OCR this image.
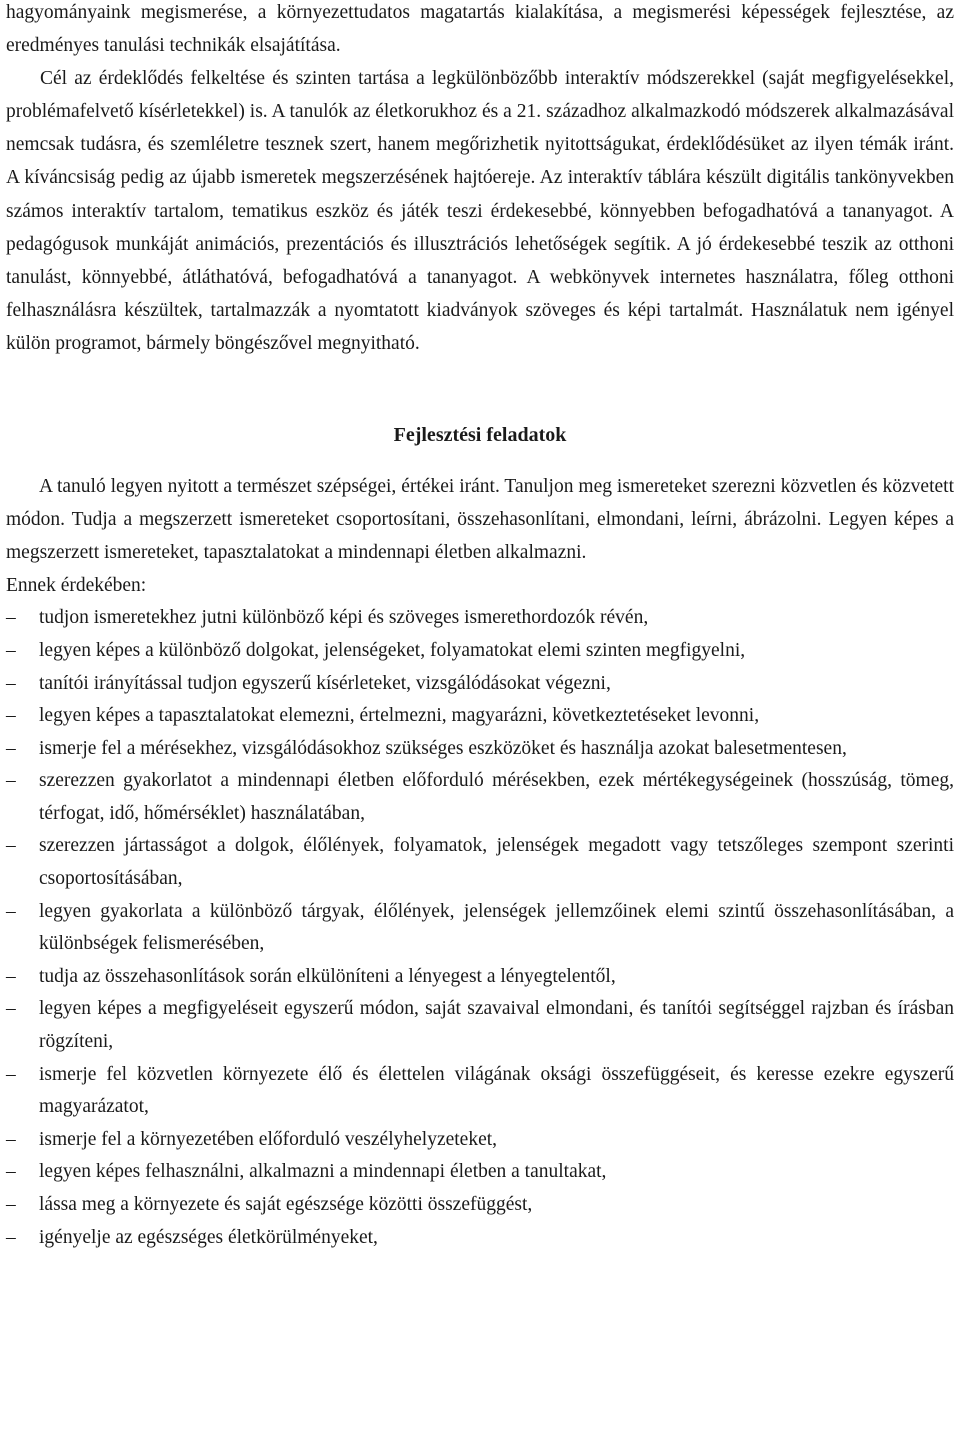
hagyományaink megismerése, a környezettudatos magatartás kialakítása, a megismerési képességek fejlesztése, az eredményes tanulási technikák elsajátítása.

Cél az érdeklődés felkeltése és szinten tartása a legkülönbözőbb interaktív módszerekkel (saját megfigyelésekkel, problémafelvető kísérletekkel) is. A tanulók az életkorukhoz és a 21. századhoz alkalmazkodó módszerek alkalmazásával nemcsak tudásra, és szemléletre tesznek szert, hanem megőrizhetik nyitottságukat, érdeklődésüket az ilyen témák iránt. A kíváncsiság pedig az újabb ismeretek megszerzésének hajtóereje. Az interaktív táblára készült digitális tankönyvekben számos interaktív tartalom, tematikus eszköz és játék teszi érdekesebbé, könnyebben befogadhatóvá a tananyagot. A pedagógusok munkáját animációs, prezentációs és illusztrációs lehetőségek segítik. A jó érdekesebbé teszik az otthoni tanulást, könnyebbé, átláthatóvá, befogadhatóvá a tananyagot. A webkönyvek internetes használatra, főleg otthoni felhasználásra készültek, tartalmazzák a nyomtatott kiadványok szöveges és képi tartalmát. Használatuk nem igényel külön programot, bármely böngészővel megnyitható.

Fejlesztési feladatok

A tanuló legyen nyitott a természet szépségei, értékei iránt. Tanuljon meg ismereteket szerezni közvetlen és közvetett módon. Tudja a megszerzett ismereteket csoportosítani, összehasonlítani, elmondani, leírni, ábrázolni. Legyen képes a megszerzett ismereteket, tapasztalatokat a mindennapi életben alkalmazni.

Ennek érdekében:

–	tudjon ismeretekhez jutni különböző képi és szöveges ismerethordozók révén,
–	legyen képes a különböző dolgokat, jelenségeket, folyamatokat elemi szinten megfigyelni,
–	tanítói irányítással tudjon egyszerű kísérleteket, vizsgálódásokat végezni,
–	legyen képes a tapasztalatokat elemezni, értelmezni, magyarázni, következtetéseket levonni,
–	ismerje fel a mérésekhez, vizsgálódásokhoz szükséges eszközöket és használja azokat balesetmentesen,
–	szerezzen gyakorlatot a mindennapi életben előforduló mérésekben, ezek mértékegységeinek (hosszúság, tömeg, térfogat, idő, hőmérséklet) használatában,
–	szerezzen jártasságot a dolgok, élőlények, folyamatok, jelenségek megadott vagy tetszőleges szempont szerinti csoportosításában,
–	legyen gyakorlata a különböző tárgyak, élőlények, jelenségek jellemzőinek elemi szintű összehasonlításában, a különbségek felismerésében,
–	tudja az összehasonlítások során elkülöníteni a lényegest a lényegtelentől,
–	legyen képes a megfigyeléseit egyszerű módon, saját szavaival elmondani, és tanítói segítséggel rajzban és írásban rögzíteni,
–	ismerje fel közvetlen környezete élő és élettelen világának oksági összefüggéseit, és keresse ezekre egyszerű magyarázatot,
–	ismerje fel a környezetében előforduló veszélyhelyzeteket,
–	legyen képes felhasználni, alkalmazni a mindennapi életben a tanultakat,
–	lássa meg a környezete és saját egészsége közötti összefüggést,
–	igényelje az egészséges életkörülményeket,
